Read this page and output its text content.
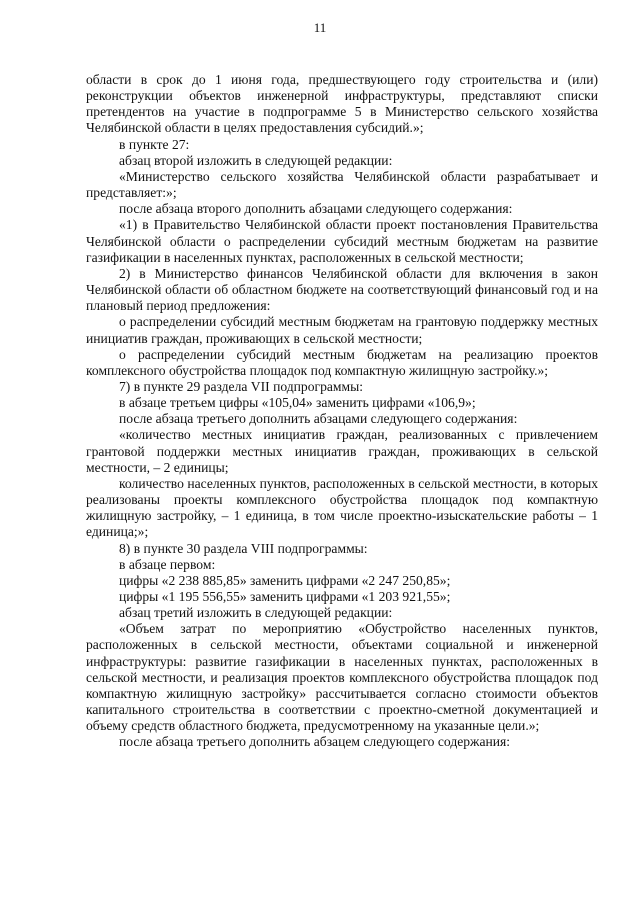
11

области в срок до 1 июня года, предшествующего году строительства и (или) реконструкции объектов инженерной инфраструктуры, представляют списки претендентов на участие в подпрограмме 5 в Министерство сельского хозяйства Челябинской области в целях предоставления субсидий.»;

в пункте 27:

абзац второй изложить в следующей редакции:

«Министерство сельского хозяйства Челябинской области разрабатывает и представляет:»;

после абзаца второго дополнить абзацами следующего содержания:

«1) в Правительство Челябинской области проект постановления Правительства Челябинской области о распределении субсидий местным бюджетам на развитие газификации в населенных пунктах, расположенных в сельской местности;

2) в Министерство финансов Челябинской области для включения в закон Челябинской области об областном бюджете на соответствующий финансовый год и на плановый период предложения:

о распределении субсидий местным бюджетам на грантовую поддержку местных инициатив граждан, проживающих в сельской местности;

о распределении субсидий местным бюджетам на реализацию проектов комплексного обустройства площадок под компактную жилищную застройку.»;

7) в пункте 29 раздела VII подпрограммы:

в абзаце третьем цифры «105,04» заменить цифрами «106,9»;

после абзаца третьего дополнить абзацами следующего содержания:

«количество местных инициатив граждан, реализованных с привлечением грантовой поддержки местных инициатив граждан, проживающих в сельской местности, – 2 единицы;

количество населенных пунктов, расположенных в сельской местности, в которых реализованы проекты комплексного обустройства площадок под компактную жилищную застройку, – 1 единица, в том числе проектно-изыскательские работы – 1 единица;»;

8) в пункте 30 раздела VIII подпрограммы:

в абзаце первом:

цифры «2 238 885,85» заменить цифрами «2 247 250,85»;

цифры «1 195 556,55» заменить цифрами «1 203 921,55»;

абзац третий изложить в следующей редакции:

«Объем затрат по мероприятию «Обустройство населенных пунктов, расположенных в сельской местности, объектами социальной и инженерной инфраструктуры: развитие газификации в населенных пунктах, расположенных в сельской местности, и реализация проектов комплексного обустройства площадок под компактную жилищную застройку» рассчитывается согласно стоимости объектов капитального строительства в соответствии с проектно-сметной документацией и объему средств областного бюджета, предусмотренному на указанные цели.»;

после абзаца третьего дополнить абзацем следующего содержания:
